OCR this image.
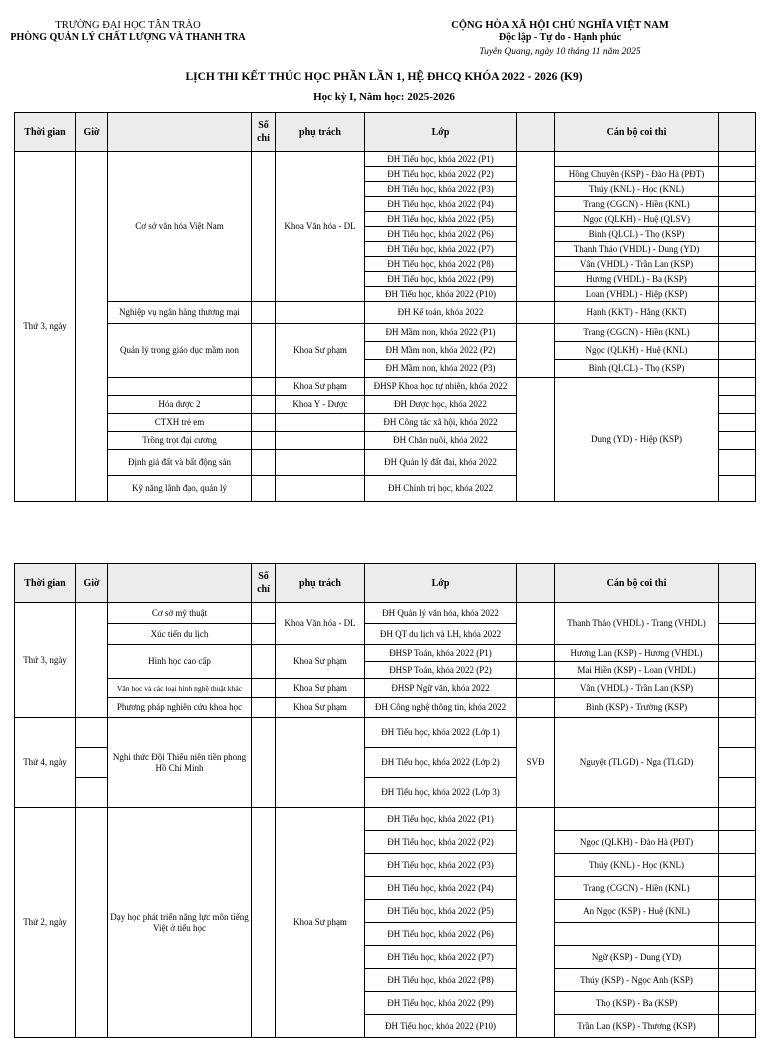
TRƯỜNG ĐẠI HỌC TÂN TRÀO
PHÒNG QUẢN LÝ CHẤT LƯỢNG VÀ THANH TRA
CỘNG HÒA XÃ HỘI CHỦ NGHĨA VIỆT NAM
Độc lập - Tự do - Hạnh phúc
Tuyên Quang, ngày 10 tháng 11 năm 2025
LỊCH THI KẾT THÚC HỌC PHẦN LẦN 1, HỆ ĐHCQ KHÓA 2022 - 2026 (K9)
Học kỳ I, Năm học: 2025-2026
Thời gian	Giờ		Số
chỉ	phụ trách	Lớp		Cán bộ coi thi	
Thứ 3, ngày		Cơ sở văn hóa Việt Nam		Khoa Văn hóa - DL	ĐH Tiểu học, khóa 2022 (P1)			
					ĐH Tiểu học, khóa 2022 (P2)		Hồng Chuyên (KSP) - Đào Hà (PĐT)	
					ĐH Tiểu học, khóa 2022 (P3)		Thúy (KNL) - Học (KNL)	
					ĐH Tiểu học, khóa 2022 (P4)		Trang (CGCN) - Hiền (KNL)	
					ĐH Tiểu học, khóa 2022 (P5)		Ngọc (QLKH) - Huệ (QLSV)	
					ĐH Tiểu học, khóa 2022 (P6)		Bình (QLCL) - Thọ (KSP)	
					ĐH Tiểu học, khóa 2022 (P7)		Thanh Thảo (VHDL) - Dung (YD)	
					ĐH Tiểu học, khóa 2022 (P8)		Vân (VHDL) - Trần Lan (KSP)	
					ĐH Tiểu học, khóa 2022 (P9)		Hương (VHDL) - Ba (KSP)	
					ĐH Tiểu học, khóa 2022 (P10)		Loan (VHDL) - Hiệp (KSP)	
		Nghiệp vụ ngân hàng thương mại			ĐH Kế toán, khóa 2022		Hạnh (KKT) - Hằng (KKT)	
		Quản lý trong giáo dục mầm non		Khoa Sư phạm	ĐH Mầm non, khóa 2022 (P1)		Trang (CGCN) - Hiền (KNL)	
					ĐH Mầm non, khóa 2022 (P2)		Ngọc (QLKH) - Huệ (KNL)	
					ĐH Mầm non, khóa 2022 (P3)		Bình (QLCL) - Thọ (KSP)	
				Khoa Sư phạm	ĐHSP Khoa học tự nhiên, khóa 2022		Dung (YD) - Hiệp (KSP)	
		Hóa dược 2		Khoa Y - Dược	ĐH Dược học, khóa 2022			
		CTXH trẻ em			ĐH Công tác xã hội, khóa 2022			
		Trồng trọt đại cương			ĐH Chăn nuôi, khóa 2022			
		Định giá đất và bất động sản			ĐH Quản lý đất đai, khóa 2022			
		Kỹ năng lãnh đạo, quản lý			ĐH Chính trị học, khóa 2022			
Thời gian	Giờ		Số
chỉ	phụ trách	Lớp		Cán bộ coi thi	
Thứ 3, ngày		Cơ sở mỹ thuật		Khoa Văn hóa - DL	ĐH Quản lý văn hóa, khóa 2022		Thanh Thảo (VHDL) - Trang (VHDL)	
		Xúc tiến du lịch			ĐH QT du lịch và LH, khóa 2022			
		Hình học cao cấp		Khoa Sư phạm	ĐHSP Toán, khóa 2022 (P1)		Hương Lan (KSP) - Hương (VHDL)	
					ĐHSP Toán, khóa 2022 (P2)		Mai Hiền (KSP) - Loan (VHDL)	
		Văn học và các loại hình nghệ thuật khác		Khoa Sư phạm	ĐHSP Ngữ văn, khóa 2022		Vân (VHDL) - Trần Lan (KSP)	
		Phương pháp nghiên cứu khoa học		Khoa Sư phạm	ĐH Công nghệ thông tin, khóa 2022		Bình (KSP) - Trường (KSP)	
Thứ 4, ngày		Nghi thức Đội Thiếu niên tiền phong Hồ Chí Minh			ĐH Tiểu học, khóa 2022 (Lớp 1)	SVĐ	Nguyệt (TLGD) - Nga (TLGD)	
					ĐH Tiểu học, khóa 2022 (Lớp 2)			
					ĐH Tiểu học, khóa 2022 (Lớp 3)			
Thứ 2, ngày		Dạy học phát triển năng lực môn tiếng Việt ở tiểu học		Khoa Sư phạm	ĐH Tiểu học, khóa 2022 (P1)			
					ĐH Tiểu học, khóa 2022 (P2)		Ngọc (QLKH) - Đào Hà (PĐT)	
					ĐH Tiểu học, khóa 2022 (P3)		Thúy (KNL) - Học (KNL)	
					ĐH Tiểu học, khóa 2022 (P4)		Trang (CGCN) - Hiền (KNL)	
					ĐH Tiểu học, khóa 2022 (P5)		An Ngọc (KSP) - Huệ (KNL)	
					ĐH Tiểu học, khóa 2022 (P6)			
					ĐH Tiểu học, khóa 2022 (P7)		Ngữ (KSP) - Dung (YD)	
					ĐH Tiểu học, khóa 2022 (P8)		Thúy (KSP) - Ngọc Anh (KSP)	
					ĐH Tiểu học, khóa 2022 (P9)		Thọ (KSP) - Ba (KSP)	
					ĐH Tiểu học, khóa 2022 (P10)		Trần Lan (KSP) - Thương (KSP)	
